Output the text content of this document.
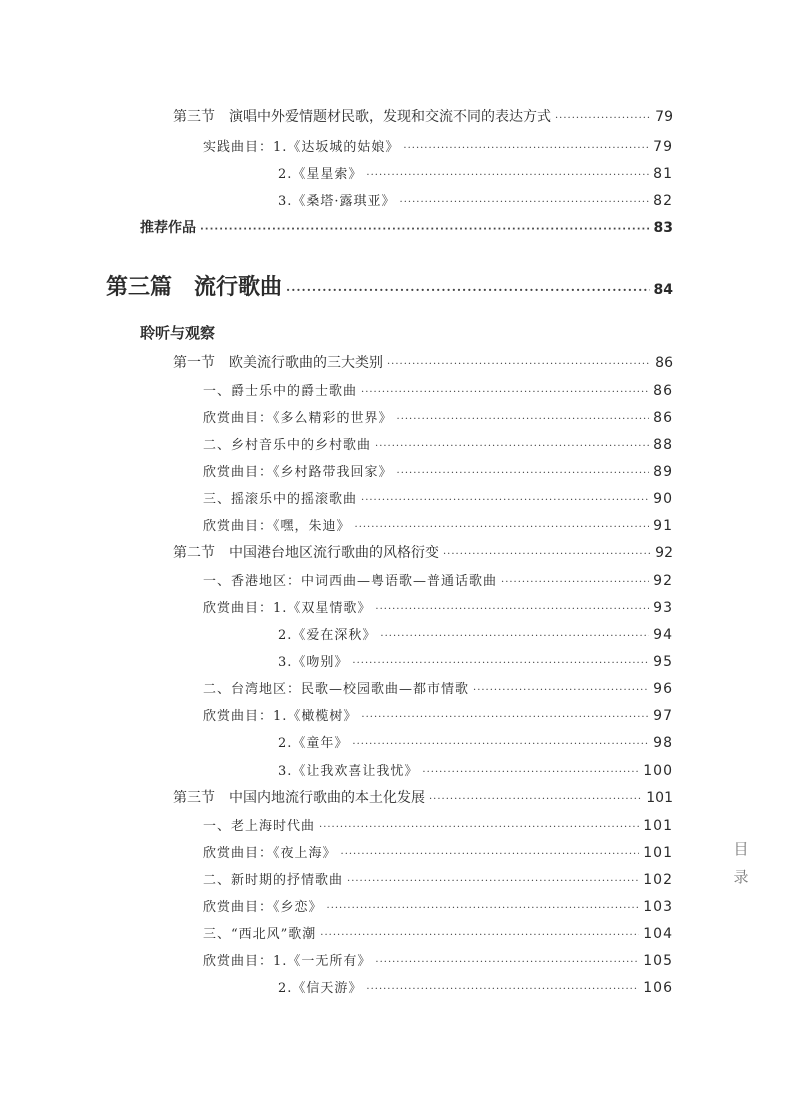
第三节　演唱中外爱情题材民歌，发现和交流不同的表达方式 ·····	79
实践曲目：1.《达坂城的姑娘》 ·····	79
2.《星星索》 ·····	81
3.《桑塔·露琪亚》 ·····	82
推荐作品 ·····	83
第三篇　流行歌曲 ·····	84
聆听与观察
第一节　欧美流行歌曲的三大类别 ·····	86
一、爵士乐中的爵士歌曲 ·····	86
欣赏曲目：《多么精彩的世界》 ·····	86
二、乡村音乐中的乡村歌曲 ·····	88
欣赏曲目：《乡村路带我回家》 ·····	89
三、摇滚乐中的摇滚歌曲 ·····	90
欣赏曲目：《嘿，朱迪》 ·····	91
第二节　中国港台地区流行歌曲的风格衍变 ·····	92
一、香港地区：中词西曲—粤语歌—普通话歌曲 ·····	92
欣赏曲目：1.《双星情歌》 ·····	93
2.《爱在深秋》 ·····	94
3.《吻别》 ·····	95
二、台湾地区：民歌—校园歌曲—都市情歌 ·····	96
欣赏曲目：1.《橄榄树》 ·····	97
2.《童年》 ·····	98
3.《让我欢喜让我忧》 ·····	100
第三节　中国内地流行歌曲的本土化发展 ·····	101
一、老上海时代曲 ·····	101
欣赏曲目：《夜上海》 ·····	101
二、新时期的抒情歌曲 ·····	102
欣赏曲目：《乡恋》 ·····	103
三、“西北风”歌潮 ·····	104
欣赏曲目：1.《一无所有》 ·····	105
2.《信天游》 ·····	106
目录
